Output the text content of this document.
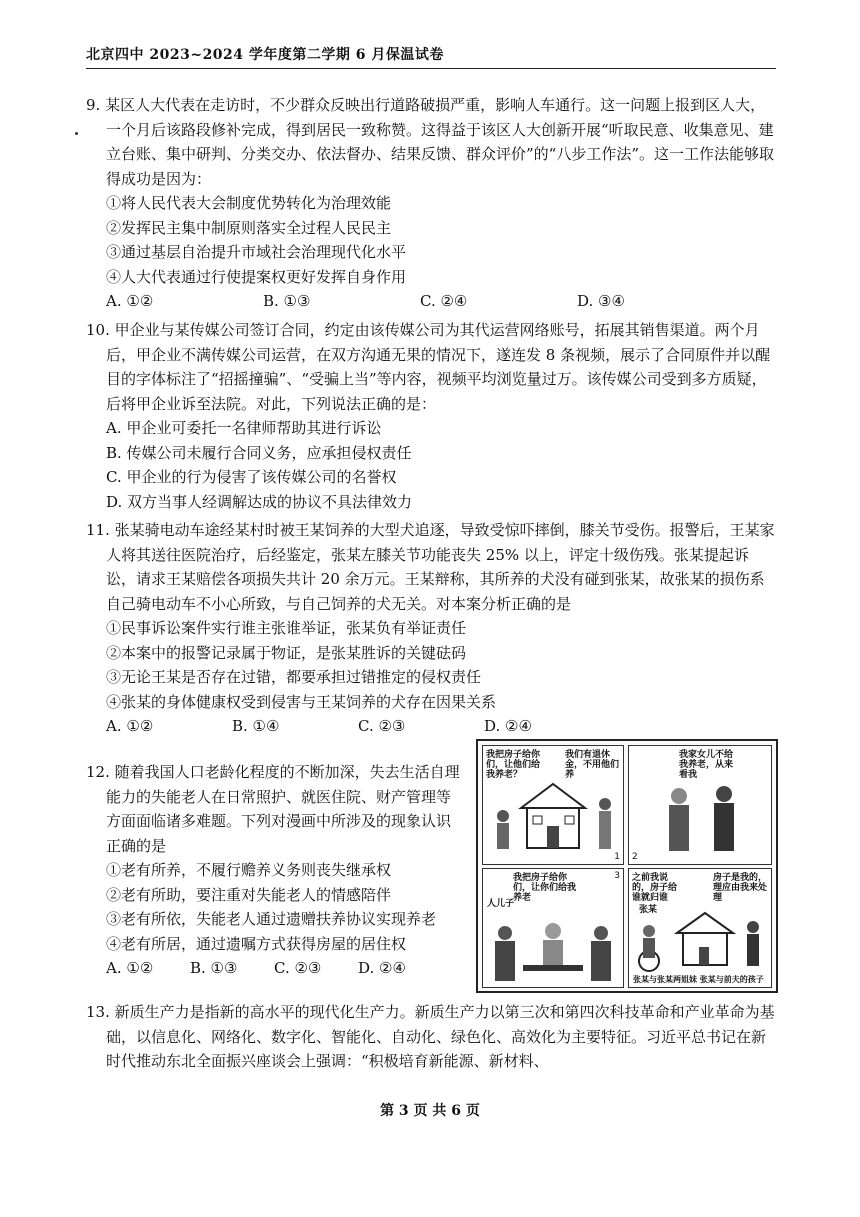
北京四中 2023~2024 学年度第二学期 6 月保温试卷
9. 某区人大代表在走访时，不少群众反映出行道路破损严重，影响人车通行。这一问题上报到区人大，一个月后该路段修补完成，得到居民一致称赞。这得益于该区人大创新开展“听取民意、收集意见、建立台账、集中研判、分类交办、依法督办、结果反馈、群众评价”的“八步工作法”。这一工作法能够取得成功是因为：
①将人民代表大会制度优势转化为治理效能
②发挥民主集中制原则落实全过程人民民主
③通过基层自治提升市域社会治理现代化水平
④人大代表通过行使提案权更好发挥自身作用
A. ①②	B. ①③	C. ②④	D. ③④
10. 甲企业与某传媒公司签订合同，约定由该传媒公司为其代运营网络账号，拓展其销售渠道。两个月后，甲企业不满传媒公司运营，在双方沟通无果的情况下，遂连发 8 条视频，展示了合同原件并以醒目的字体标注了“招摇撞骗”、“受骗上当”等内容，视频平均浏览量过万。该传媒公司受到多方质疑，后将甲企业诉至法院。对此，下列说法正确的是：
A. 甲企业可委托一名律师帮助其进行诉讼
B. 传媒公司未履行合同义务，应承担侵权责任
C. 甲企业的行为侵害了该传媒公司的名誉权
D. 双方当事人经调解达成的协议不具法律效力
11. 张某骑电动车途经某村时被王某饲养的大型犬追逐，导致受惊吓摔倒，膝关节受伤。报警后，王某家人将其送往医院治疗，后经鉴定，张某左膝关节功能丧失 25% 以上，评定十级伤残。张某提起诉讼，请求王某赔偿各项损失共计 20 余万元。王某辩称，其所养的犬没有碰到张某，故张某的损伤系自己骑电动车不小心所致，与自己饲养的犬无关。对本案分析正确的是
①民事诉讼案件实行谁主张谁举证，张某负有举证责任
②本案中的报警记录属于物证，是张某胜诉的关键砝码
③无论王某是否存在过错，都要承担过错推定的侵权责任
④张某的身体健康权受到侵害与王某饲养的犬存在因果关系
A. ①②	B. ①④	C. ②③	D. ②④
12. 随着我国人口老龄化程度的不断加深，失去生活自理能力的失能老人在日常照护、就医住院、财产管理等方面面临诸多难题。下列对漫画中所涉及的现象认识正确的是
①老有所养，不履行赡养义务则丧失继承权
②老有所助，要注重对失能老人的情感陪伴
③老有所依，失能老人通过遗赠扶养协议实现养老
④老有所居，通过遗嘱方式获得房屋的居住权
A. ①②	B. ①③	C. ②③	D. ②④
我把房子给你们，让他们给我养老？
我们有退休金，不用他们养
1
我家女儿不给我养老，从来看我
2
我把房子给你们，让你们给我养老
人儿子
3 之前我说的，房子给谁就归谁
房子是我的，理应由我来处理
张某
张某与张某两姐妹 张某与前夫的孩子
13. 新质生产力是指新的高水平的现代化生产力。新质生产力以第三次和第四次科技革命和产业革命为基础，以信息化、网络化、数字化、智能化、自动化、绿色化、高效化为主要特征。习近平总书记在新时代推动东北全面振兴座谈会上强调：“积极培育新能源、新材料、
第 3 页 共 6 页
